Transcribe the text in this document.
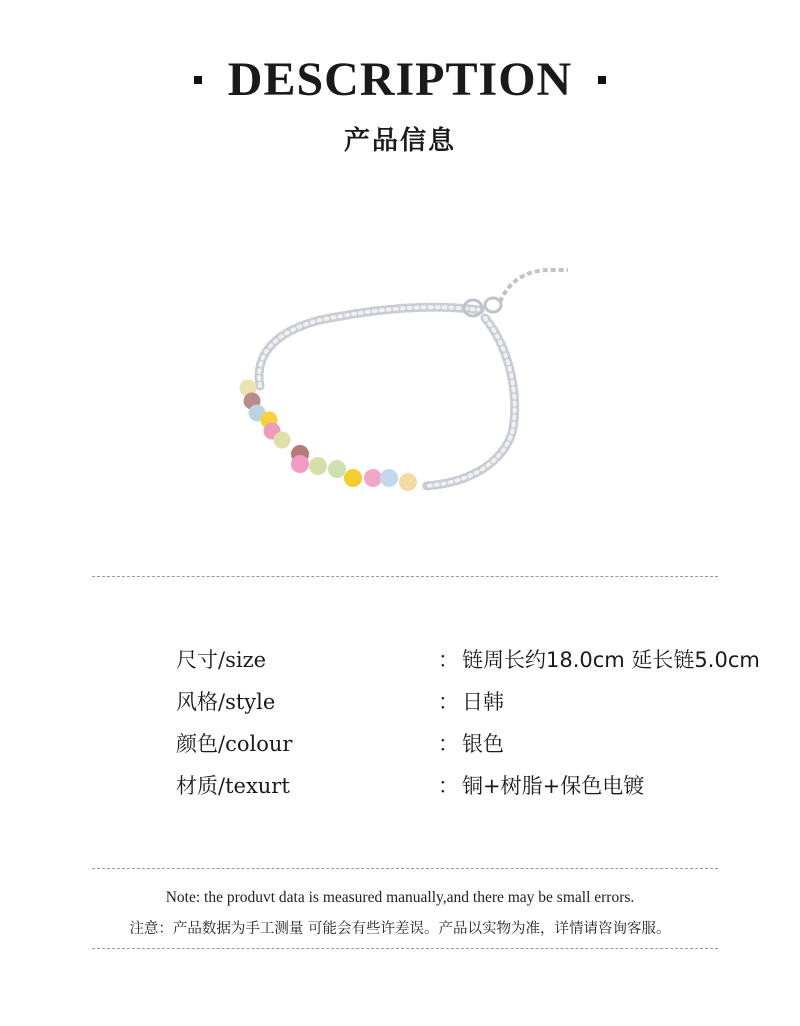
DESCRIPTION
产品信息
尺寸/size	： 链周长约18.0cm 延长链5.0cm
风格/style	： 日韩
颜色/colour	： 银色
材质/texurt	： 铜+树脂+保色电镀
Note: the produvt data is measured manually,and there may be small errors.
注意：产品数据为手工测量 可能会有些许差误。产品以实物为准，详情请咨询客服。
